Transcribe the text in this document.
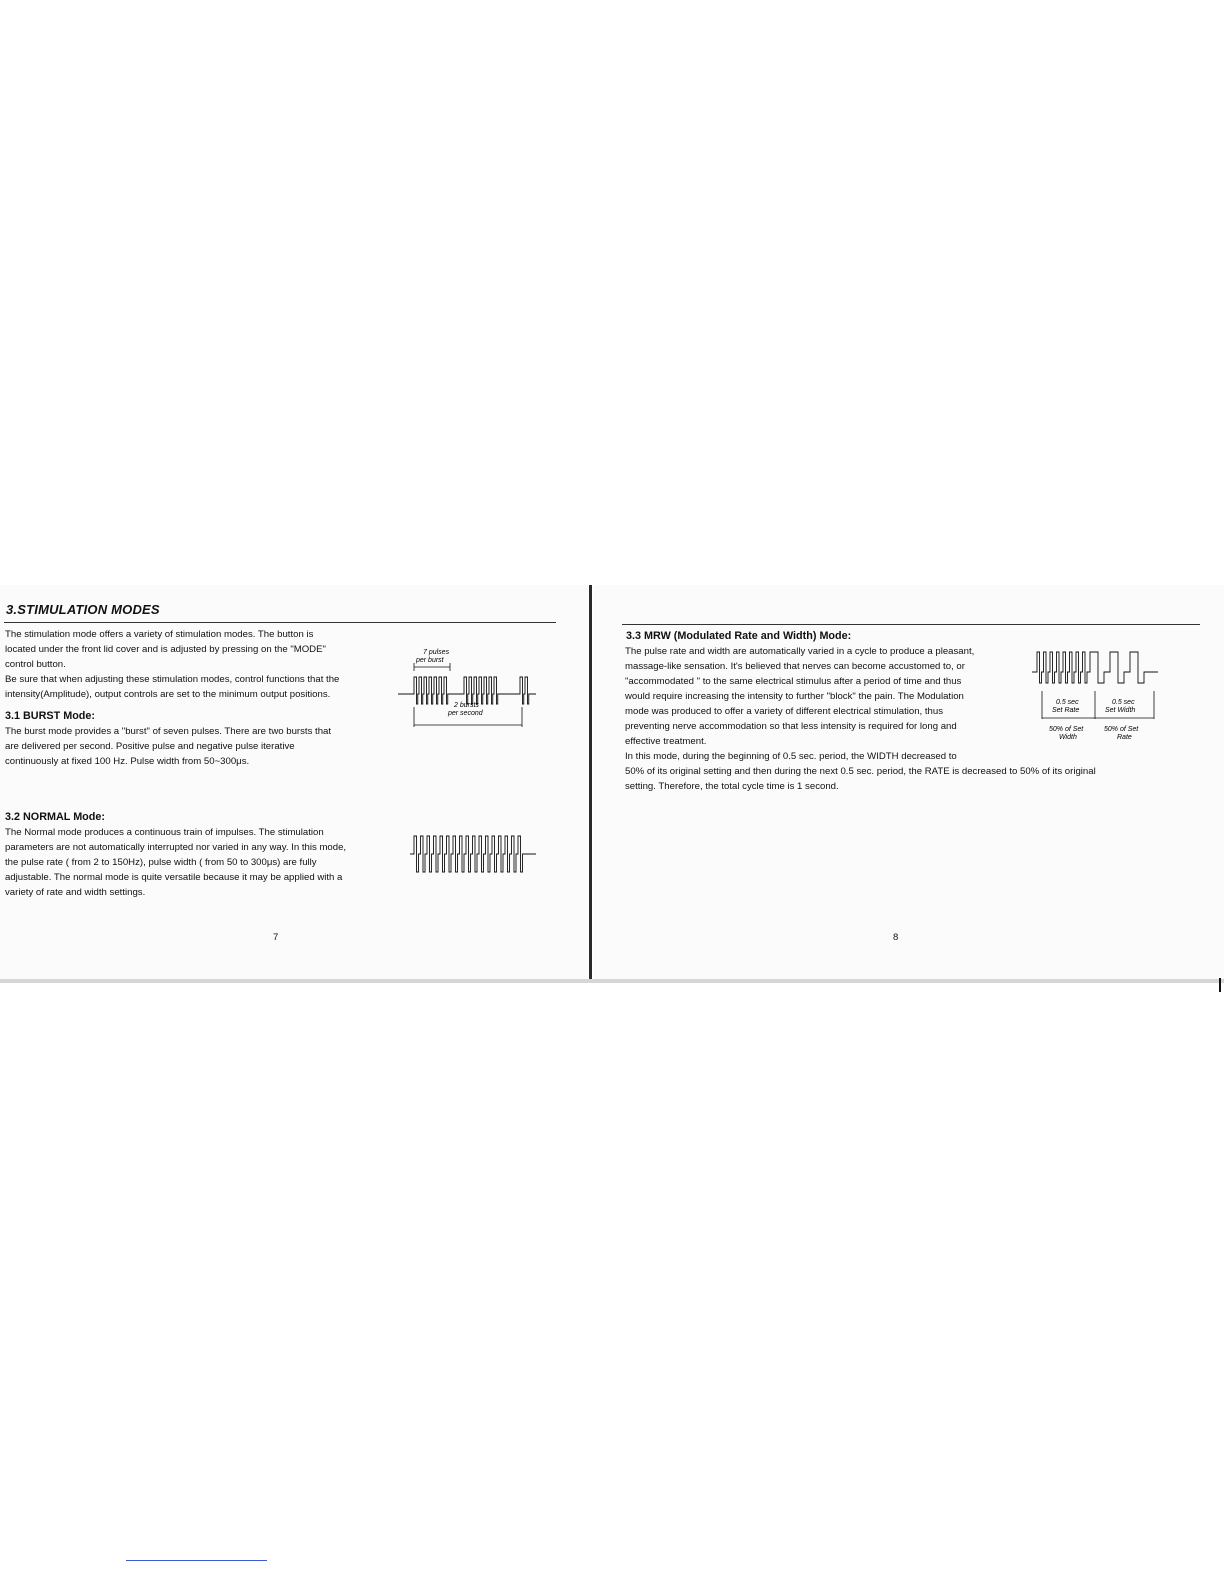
3.STIMULATION MODES
The stimulation mode offers a variety of stimulation modes. The button is
located under the front lid cover and is adjusted by pressing on the "MODE"
control button.
Be sure that when adjusting these stimulation modes, control functions that the
intensity(Amplitude), output controls are set to the minimum output positions.
3.1 BURST Mode:
The burst mode provides a "burst" of seven pulses. There are two bursts that
are delivered per second. Positive pulse and negative pulse iterative
continuously at fixed 100 Hz. Pulse width from 50~300μs.
7 pulses
per burst
2 bursts
per second
3.2 NORMAL Mode:
The Normal mode produces a continuous train of impulses. The stimulation
parameters are not automatically interrupted nor varied in any way. In this mode,
the pulse rate ( from 2 to 150Hz), pulse width ( from 50 to 300μs) are fully
adjustable. The normal mode is quite versatile because it may be applied with a
variety of rate and width settings.
7
3.3 MRW (Modulated Rate and Width) Mode:
The pulse rate and width are automatically varied in a cycle to produce a pleasant,
massage-like sensation. It's believed that nerves can become accustomed to, or
"accommodated " to the same electrical stimulus after a period of time and thus
would require increasing the intensity to further "block" the pain. The Modulation
mode was produced to offer a variety of different electrical stimulation, thus
preventing nerve accommodation so that less intensity is required for long and
effective treatment.
In this mode, during the beginning of 0.5 sec. period, the WIDTH decreased to
50% of its original setting and then during the next 0.5 sec. period, the RATE is decreased to 50% of its original
setting. Therefore, the total cycle time is 1 second.
0.5 sec
Set Rate
0.5 sec
Set Width
50% of Set
Width
50% of Set
Rate
8
